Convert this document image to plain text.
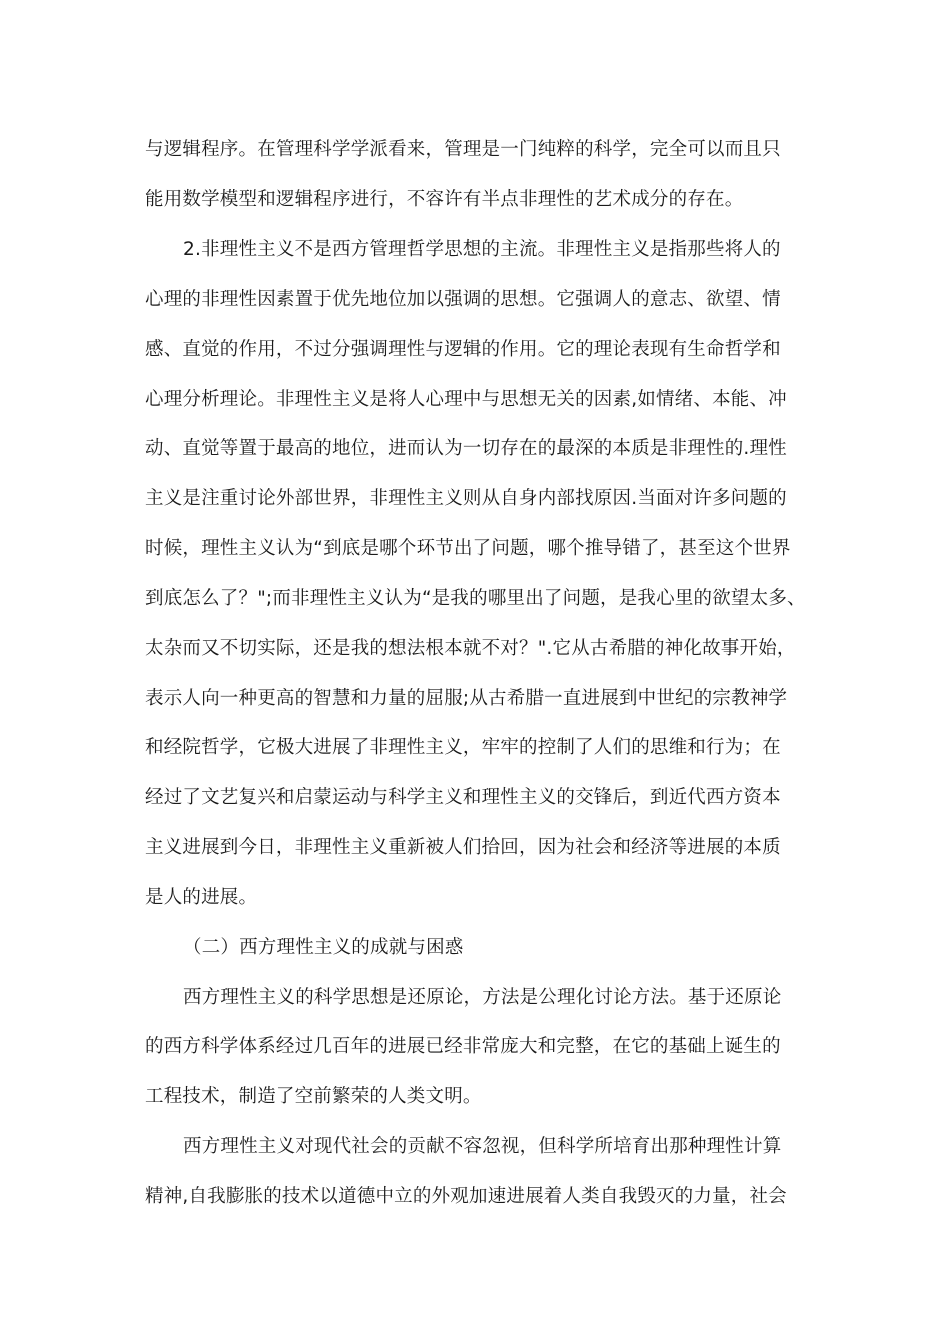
与逻辑程序。在管理科学学派看来，管理是一门纯粹的科学，完全可以而且只
能用数学模型和逻辑程序进行，不容许有半点非理性的艺术成分的存在。
2.非理性主义不是西方管理哲学思想的主流。非理性主义是指那些将人的
心理的非理性因素置于优先地位加以强调的思想。它强调人的意志、欲望、情
感、直觉的作用，不过分强调理性与逻辑的作用。它的理论表现有生命哲学和
心理分析理论。非理性主义是将人心理中与思想无关的因素,如情绪、本能、冲
动、直觉等置于最高的地位，进而认为一切存在的最深的本质是非理性的.理性
主义是注重讨论外部世界，非理性主义则从自身内部找原因.当面对许多问题的
时候，理性主义认为“到底是哪个环节出了问题，哪个推导错了，甚至这个世界
到底怎么了？";而非理性主义认为“是我的哪里出了问题，是我心里的欲望太多、
太杂而又不切实际，还是我的想法根本就不对？".它从古希腊的神化故事开始，
表示人向一种更高的智慧和力量的屈服;从古希腊一直进展到中世纪的宗教神学
和经院哲学，它极大进展了非理性主义，牢牢的控制了人们的思维和行为；在
经过了文艺复兴和启蒙运动与科学主义和理性主义的交锋后，到近代西方资本
主义进展到今日，非理性主义重新被人们拾回，因为社会和经济等进展的本质
是人的进展。
（二）西方理性主义的成就与困惑
西方理性主义的科学思想是还原论，方法是公理化讨论方法。基于还原论
的西方科学体系经过几百年的进展已经非常庞大和完整，在它的基础上诞生的
工程技术，制造了空前繁荣的人类文明。
西方理性主义对现代社会的贡献不容忽视，但科学所培育出那种理性计算
精神,自我膨胀的技术以道德中立的外观加速进展着人类自我毁灭的力量，社会
